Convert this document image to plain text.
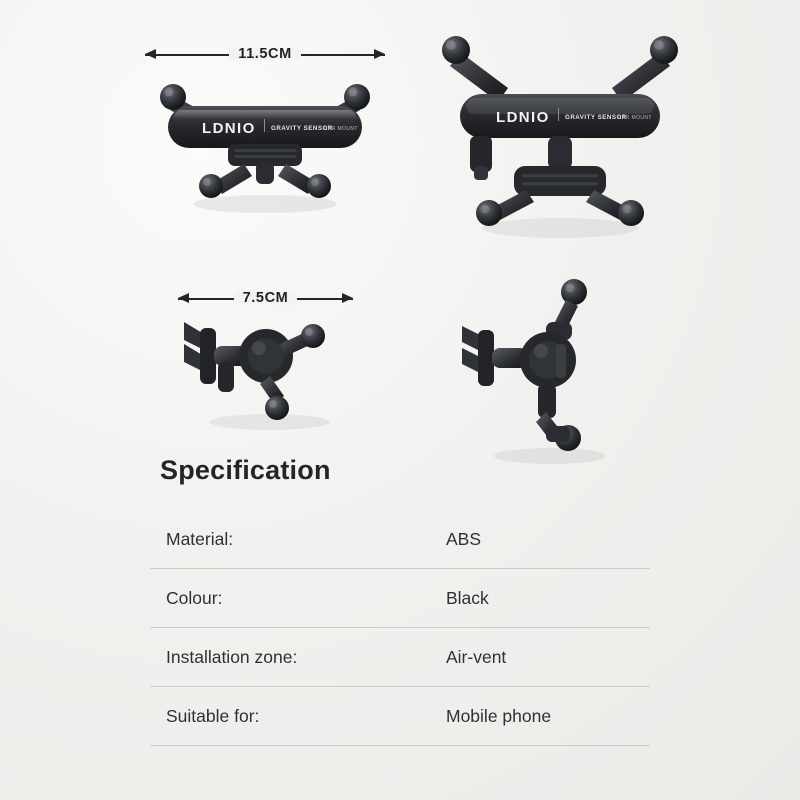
11.5CM
LDNIO GRAVITY SENSOR
CAR MOUNT
LDNIO GRAVITY SENSOR
CAR MOUNT
7.5CM
Specification
Material:	ABS
Colour:	Black
Installation zone:	Air-vent
Suitable for:	Mobile phone
